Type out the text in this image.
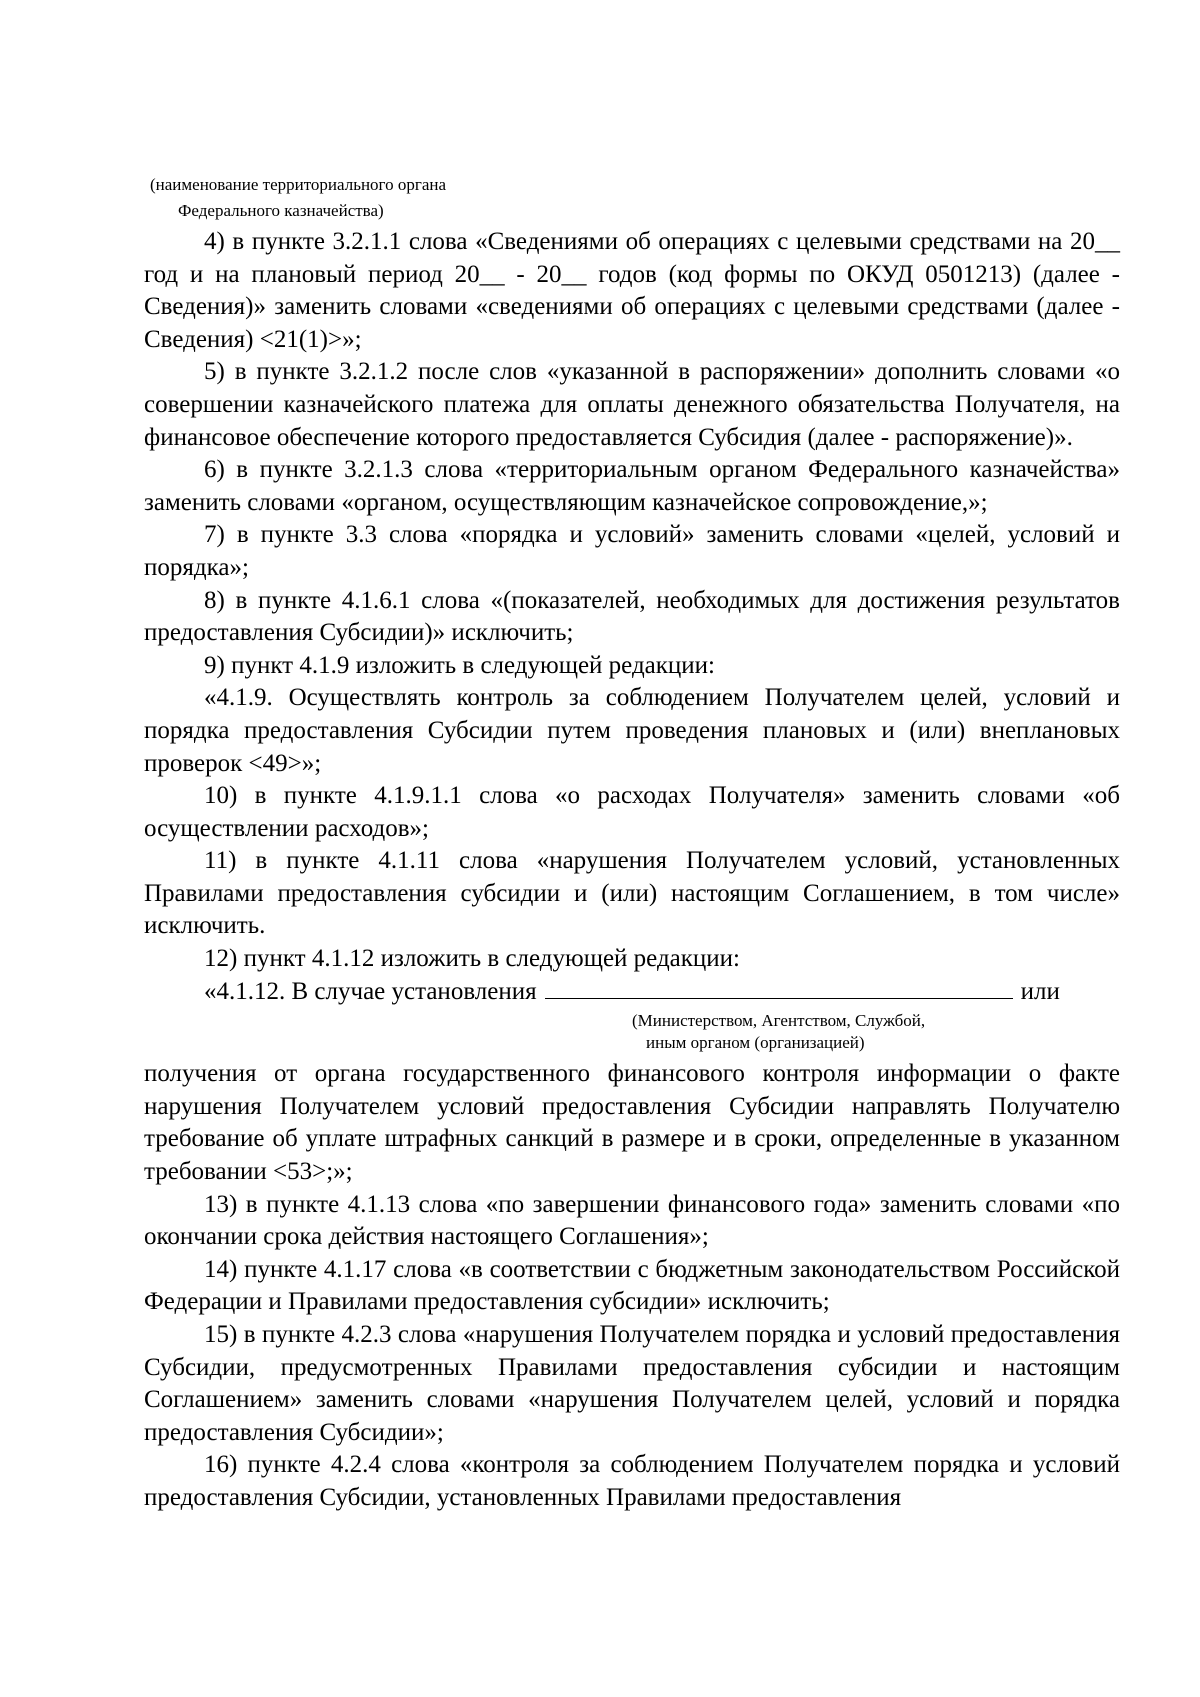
(наименование территориального органа
Федерального казначейства)

4) в пункте 3.2.1.1 слова «Сведениями об операциях с целевыми средствами на 20__ год и на плановый период 20__ - 20__ годов (код формы по ОКУД 0501213) (далее - Сведения)» заменить словами «сведениями об операциях с целевыми средствами (далее - Сведения) <21(1)>»;

5) в пункте 3.2.1.2 после слов «указанной в распоряжении» дополнить словами «о совершении казначейского платежа для оплаты денежного обязательства Получателя, на финансовое обеспечение которого предоставляется Субсидия (далее - распоряжение)».

6) в пункте 3.2.1.3 слова «территориальным органом Федерального казначейства» заменить словами «органом, осуществляющим казначейское сопровождение,»;

7) в пункте 3.3 слова «порядка и условий» заменить словами «целей, условий и порядка»;

8) в пункте 4.1.6.1 слова «(показателей, необходимых для достижения результатов предоставления Субсидии)» исключить;

9) пункт 4.1.9 изложить в следующей редакции:

«4.1.9. Осуществлять контроль за соблюдением Получателем целей, условий и порядка предоставления Субсидии путем проведения плановых и (или) внеплановых проверок <49>»;

10) в пункте 4.1.9.1.1 слова «о расходах Получателя» заменить словами «об осуществлении расходов»;

11) в пункте 4.1.11 слова «нарушения Получателем условий, установленных Правилами предоставления субсидии и (или) настоящим Соглашением, в том числе» исключить.

12) пункт 4.1.12 изложить в следующей редакции:

«4.1.12. В случае установления	или
(Министерством, Агентством, Службой,
иным органом (организацией)

получения от органа государственного финансового контроля информации о факте нарушения Получателем условий предоставления Субсидии направлять Получателю требование об уплате штрафных санкций в размере и в сроки, определенные в указанном требовании <53>;»;

13) в пункте 4.1.13 слова «по завершении финансового года» заменить словами «по окончании срока действия настоящего Соглашения»;

14) пункте 4.1.17 слова «в соответствии с бюджетным законодательством Российской Федерации и Правилами предоставления субсидии» исключить;

15) в пункте 4.2.3 слова «нарушения Получателем порядка и условий предоставления Субсидии, предусмотренных Правилами предоставления субсидии и настоящим Соглашением» заменить словами «нарушения Получателем целей, условий и порядка предоставления Субсидии»;

16) пункте 4.2.4 слова «контроля за соблюдением Получателем порядка и условий предоставления Субсидии, установленных Правилами предоставления
